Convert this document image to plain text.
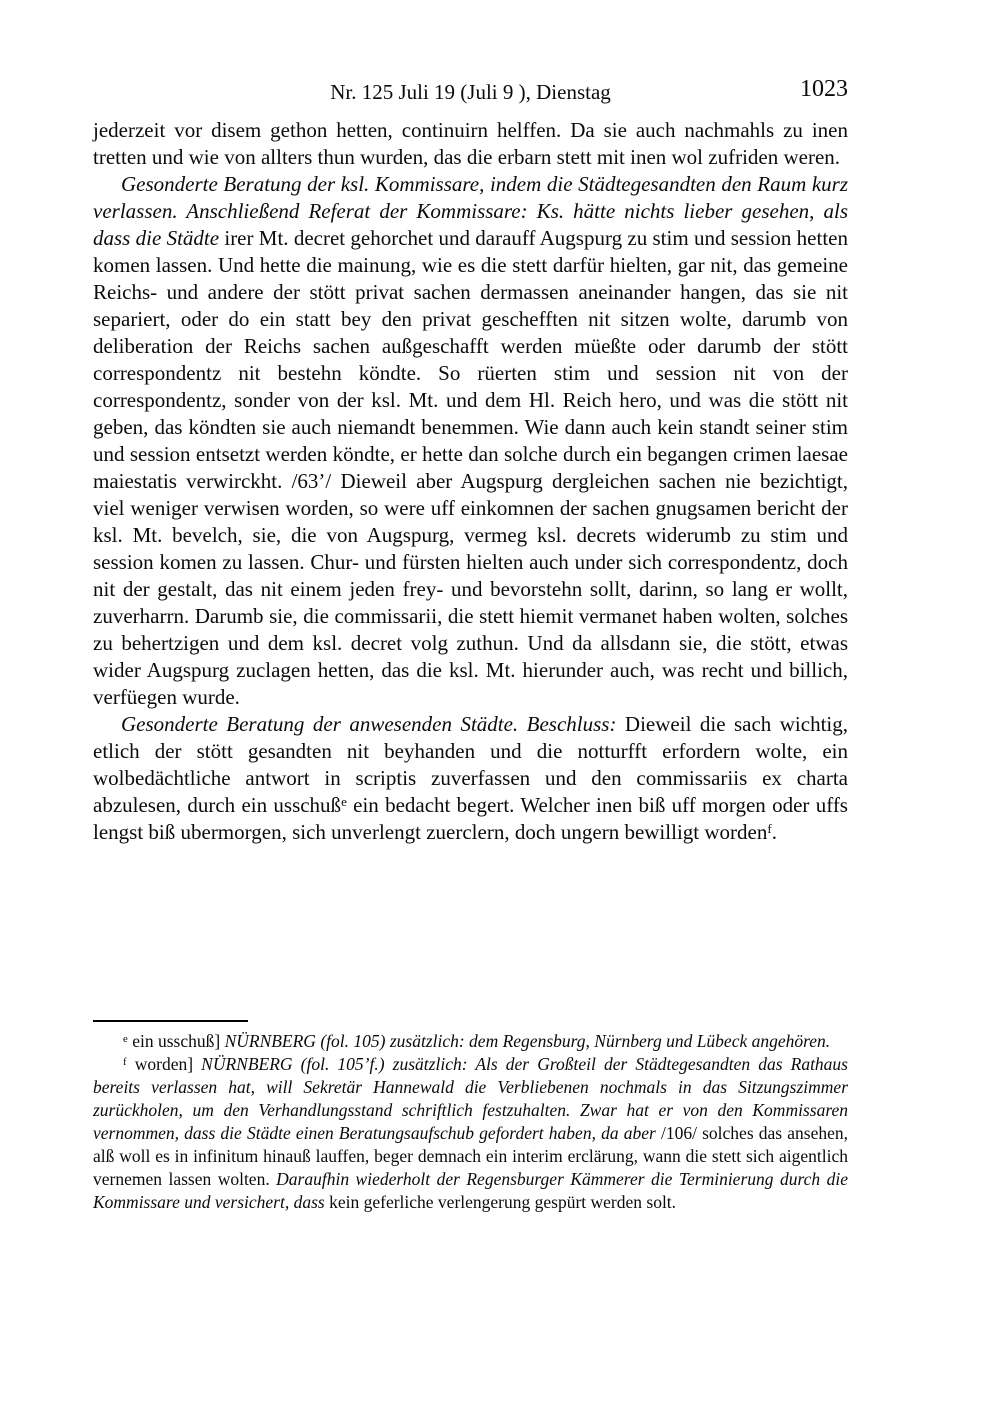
Nr. 125 Juli 19 (Juli 9 ), Dienstag	1023

jederzeit vor disem gethon hetten, continuirn helffen. Da sie auch nachmahls zu inen tretten und wie von allters thun wurden, das die erbarn stett mit inen wol zufriden weren.

Gesonderte Beratung der ksl. Kommissare, indem die Städtegesandten den Raum kurz verlassen. Anschließend Referat der Kommissare: Ks. hätte nichts lieber gesehen, als dass die Städte irer Mt. decret gehorchet und darauff Augspurg zu stim und session hetten komen lassen. Und hette die mainung, wie es die stett darfür hielten, gar nit, das gemeine Reichs- und andere der stött privat sachen dermassen aneinander hangen, das sie nit separiert, oder do ein statt bey den privat geschefften nit sitzen wolte, darumb von deliberation der Reichs sachen außgeschafft werden müeßte oder darumb der stött correspondentz nit bestehn köndte. So rüerten stim und session nit von der correspondentz, sonder von der ksl. Mt. und dem Hl. Reich hero, und was die stött nit geben, das köndten sie auch niemandt benemmen. Wie dann auch kein standt seiner stim und session entsetzt werden köndte, er hette dan solche durch ein begangen crimen laesae maiestatis verwirckht. /63’/ Dieweil aber Augspurg dergleichen sachen nie bezichtigt, viel weniger verwisen worden, so were uff einkomnen der sachen gnugsamen bericht der ksl. Mt. bevelch, sie, die von Augspurg, vermeg ksl. decrets widerumb zu stim und session komen zu lassen. Chur- und fürsten hielten auch under sich correspondentz, doch nit der gestalt, das nit einem jeden frey- und bevorstehn sollt, darinn, so lang er wollt, zuverharrn. Darumb sie, die commissarii, die stett hiemit vermanet haben wolten, solches zu behertzigen und dem ksl. decret volg zuthun. Und da allsdann sie, die stött, etwas wider Augspurg zuclagen hetten, das die ksl. Mt. hierunder auch, was recht und billich, verfüegen wurde.

Gesonderte Beratung der anwesenden Städte. Beschluss: Dieweil die sach wichtig, etlich der stött gesandten nit beyhanden und die notturfft erfordern wolte, ein wolbedächtliche antwort in scriptis zuverfassen und den commissariis ex charta abzulesen, durch ein usschuß$^e$ ein bedacht begert. Welcher inen biß uff morgen oder uffs lengst biß ubermorgen, sich unverlengt zuerclern, doch ungern bewilligt worden$^f$.

$^e$ ein usschuß] NÜRNBERG (fol. 105) zusätzlich: dem Regensburg, Nürnberg und Lübeck angehören.

$^f$ worden] NÜRNBERG (fol. 105’f.) zusätzlich: Als der Großteil der Städtegesandten das Rathaus bereits verlassen hat, will Sekretär Hannewald die Verbliebenen nochmals in das Sitzungszimmer zurückholen, um den Verhandlungsstand schriftlich festzuhalten. Zwar hat er von den Kommissaren vernommen, dass die Städte einen Beratungsaufschub gefordert haben, da aber /106/ solches das ansehen, alß woll es in infinitum hinauß lauffen, beger demnach ein interim erclärung, wann die stett sich aigentlich vernemen lassen wolten. Daraufhin wiederholt der Regensburger Kämmerer die Terminierung durch die Kommissare und versichert, dass kein geferliche verlengerung gespürt werden solt.
